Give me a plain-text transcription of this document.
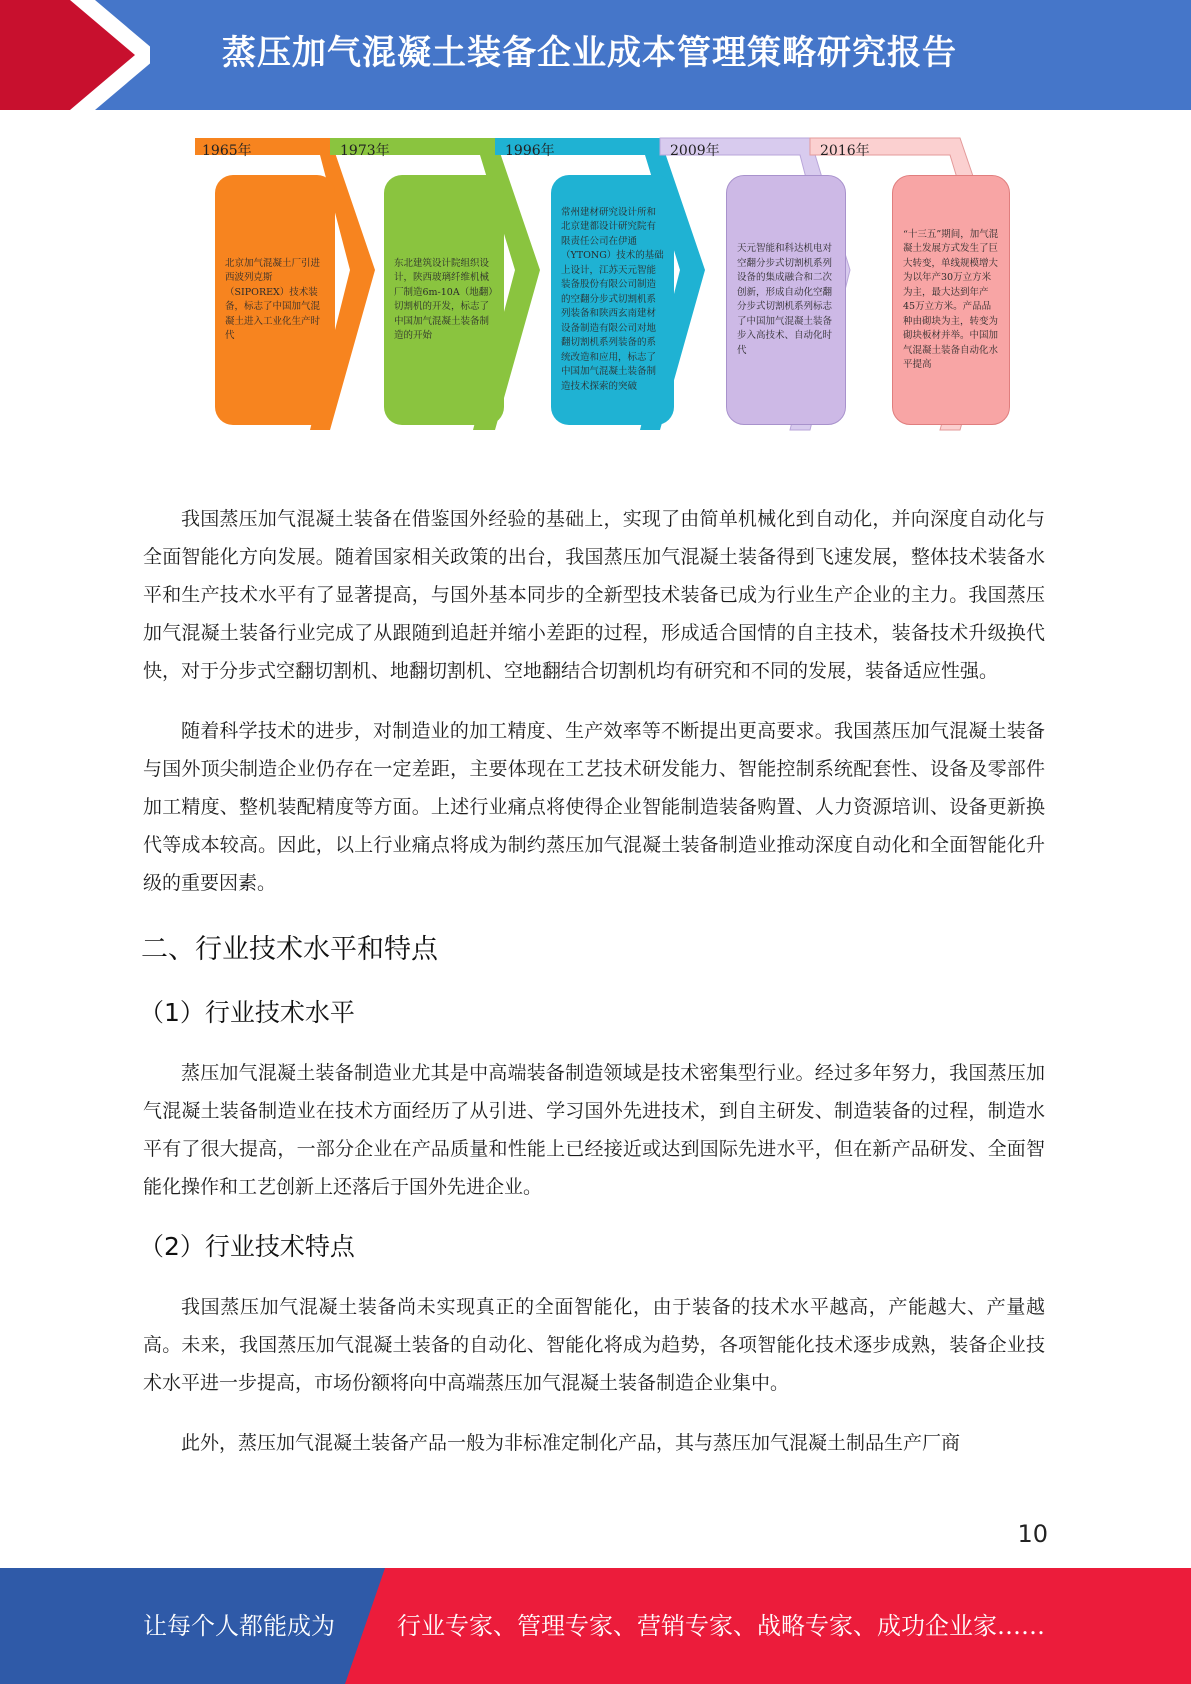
蒸压加气混凝土装备企业成本管理策略研究报告
1965年	1973年	1996年	2009年	2016年
北京加气混凝土厂引进西波列克斯（SIPOREX）技术装备，标志了中国加气混凝土进入工业化生产时代
东北建筑设计院组织设计，陕西玻璃纤维机械厂制造6m-10A（地翻）切割机的开发，标志了中国加气混凝土装备制造的开始
常州建材研究设计所和北京建都设计研究院有限责任公司在伊通（YTONG）技术的基础上设计，江苏天元智能装备股份有限公司制造的空翻分步式切割机系列装备和陕西玄南建材设备制造有限公司对地翻切割机系列装备的系统改造和应用，标志了中国加气混凝土装备制造技术探索的突破
天元智能和科达机电对空翻分步式切割机系列设备的集成融合和二次创新，形成自动化空翻分步式切割机系列标志了中国加气混凝土装备步入高技术、自动化时代
“十三五”期间，加气混凝土发展方式发生了巨大转变，单线规模增大为以年产30万立方米为主，最大达到年产45万立方米。产品品种由砌块为主，转变为砌块板材并举。中国加气混凝土装备自动化水平提高

我国蒸压加气混凝土装备在借鉴国外经验的基础上，实现了由简单机械化到自动化，并向深度自动化与全面智能化方向发展。随着国家相关政策的出台，我国蒸压加气混凝土装备得到飞速发展，整体技术装备水平和生产技术水平有了显著提高，与国外基本同步的全新型技术装备已成为行业生产企业的主力。我国蒸压加气混凝土装备行业完成了从跟随到追赶并缩小差距的过程，形成适合国情的自主技术，装备技术升级换代快，对于分步式空翻切割机、地翻切割机、空地翻结合切割机均有研究和不同的发展，装备适应性强。

随着科学技术的进步，对制造业的加工精度、生产效率等不断提出更高要求。我国蒸压加气混凝土装备与国外顶尖制造企业仍存在一定差距，主要体现在工艺技术研发能力、智能控制系统配套性、设备及零部件加工精度、整机装配精度等方面。上述行业痛点将使得企业智能制造装备购置、人力资源培训、设备更新换代等成本较高。因此，以上行业痛点将成为制约蒸压加气混凝土装备制造业推动深度自动化和全面智能化升级的重要因素。

二、行业技术水平和特点
（1）行业技术水平

蒸压加气混凝土装备制造业尤其是中高端装备制造领域是技术密集型行业。经过多年努力，我国蒸压加气混凝土装备制造业在技术方面经历了从引进、学习国外先进技术，到自主研发、制造装备的过程，制造水平有了很大提高，一部分企业在产品质量和性能上已经接近或达到国际先进水平，但在新产品研发、全面智能化操作和工艺创新上还落后于国外先进企业。

（2）行业技术特点

我国蒸压加气混凝土装备尚未实现真正的全面智能化，由于装备的技术水平越高，产能越大、产量越高。未来，我国蒸压加气混凝土装备的自动化、智能化将成为趋势，各项智能化技术逐步成熟，装备企业技术水平进一步提高，市场份额将向中高端蒸压加气混凝土装备制造企业集中。

此外，蒸压加气混凝土装备产品一般为非标准定制化产品，其与蒸压加气混凝土制品生产厂商

10
让每个人都能成为	行业专家、管理专家、营销专家、战略专家、成功企业家……
